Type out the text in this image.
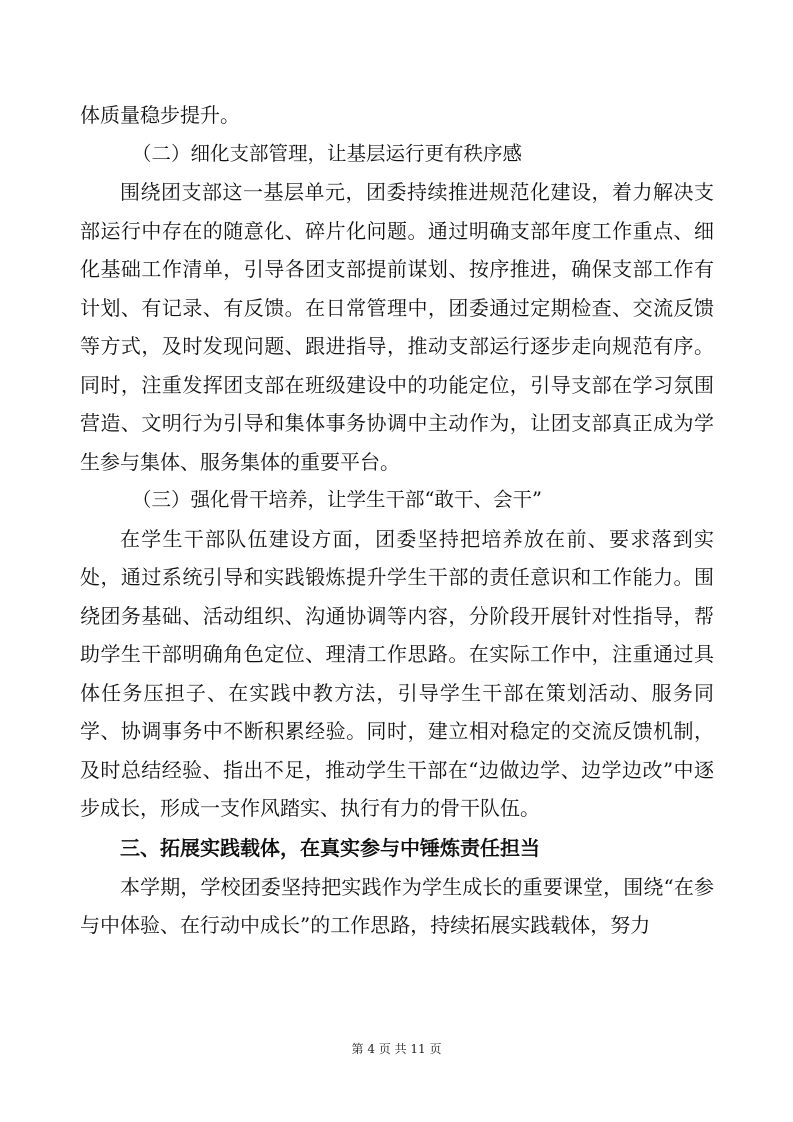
体质量稳步提升。

（二）细化支部管理，让基层运行更有秩序感

围绕团支部这一基层单元，团委持续推进规范化建设，着力解决支部运行中存在的随意化、碎片化问题。通过明确支部年度工作重点、细化基础工作清单，引导各团支部提前谋划、按序推进，确保支部工作有计划、有记录、有反馈。在日常管理中，团委通过定期检查、交流反馈等方式，及时发现问题、跟进指导，推动支部运行逐步走向规范有序。同时，注重发挥团支部在班级建设中的功能定位，引导支部在学习氛围营造、文明行为引导和集体事务协调中主动作为，让团支部真正成为学生参与集体、服务集体的重要平台。

（三）强化骨干培养，让学生干部“敢干、会干”

在学生干部队伍建设方面，团委坚持把培养放在前、要求落到实处，通过系统引导和实践锻炼提升学生干部的责任意识和工作能力。围绕团务基础、活动组织、沟通协调等内容，分阶段开展针对性指导，帮助学生干部明确角色定位、理清工作思路。在实际工作中，注重通过具体任务压担子、在实践中教方法，引导学生干部在策划活动、服务同学、协调事务中不断积累经验。同时，建立相对稳定的交流反馈机制，及时总结经验、指出不足，推动学生干部在“边做边学、边学边改”中逐步成长，形成一支作风踏实、执行有力的骨干队伍。

三、拓展实践载体，在真实参与中锤炼责任担当

本学期，学校团委坚持把实践作为学生成长的重要课堂，围绕“在参与中体验、在行动中成长”的工作思路，持续拓展实践载体，努力

第 4 页 共 11 页
